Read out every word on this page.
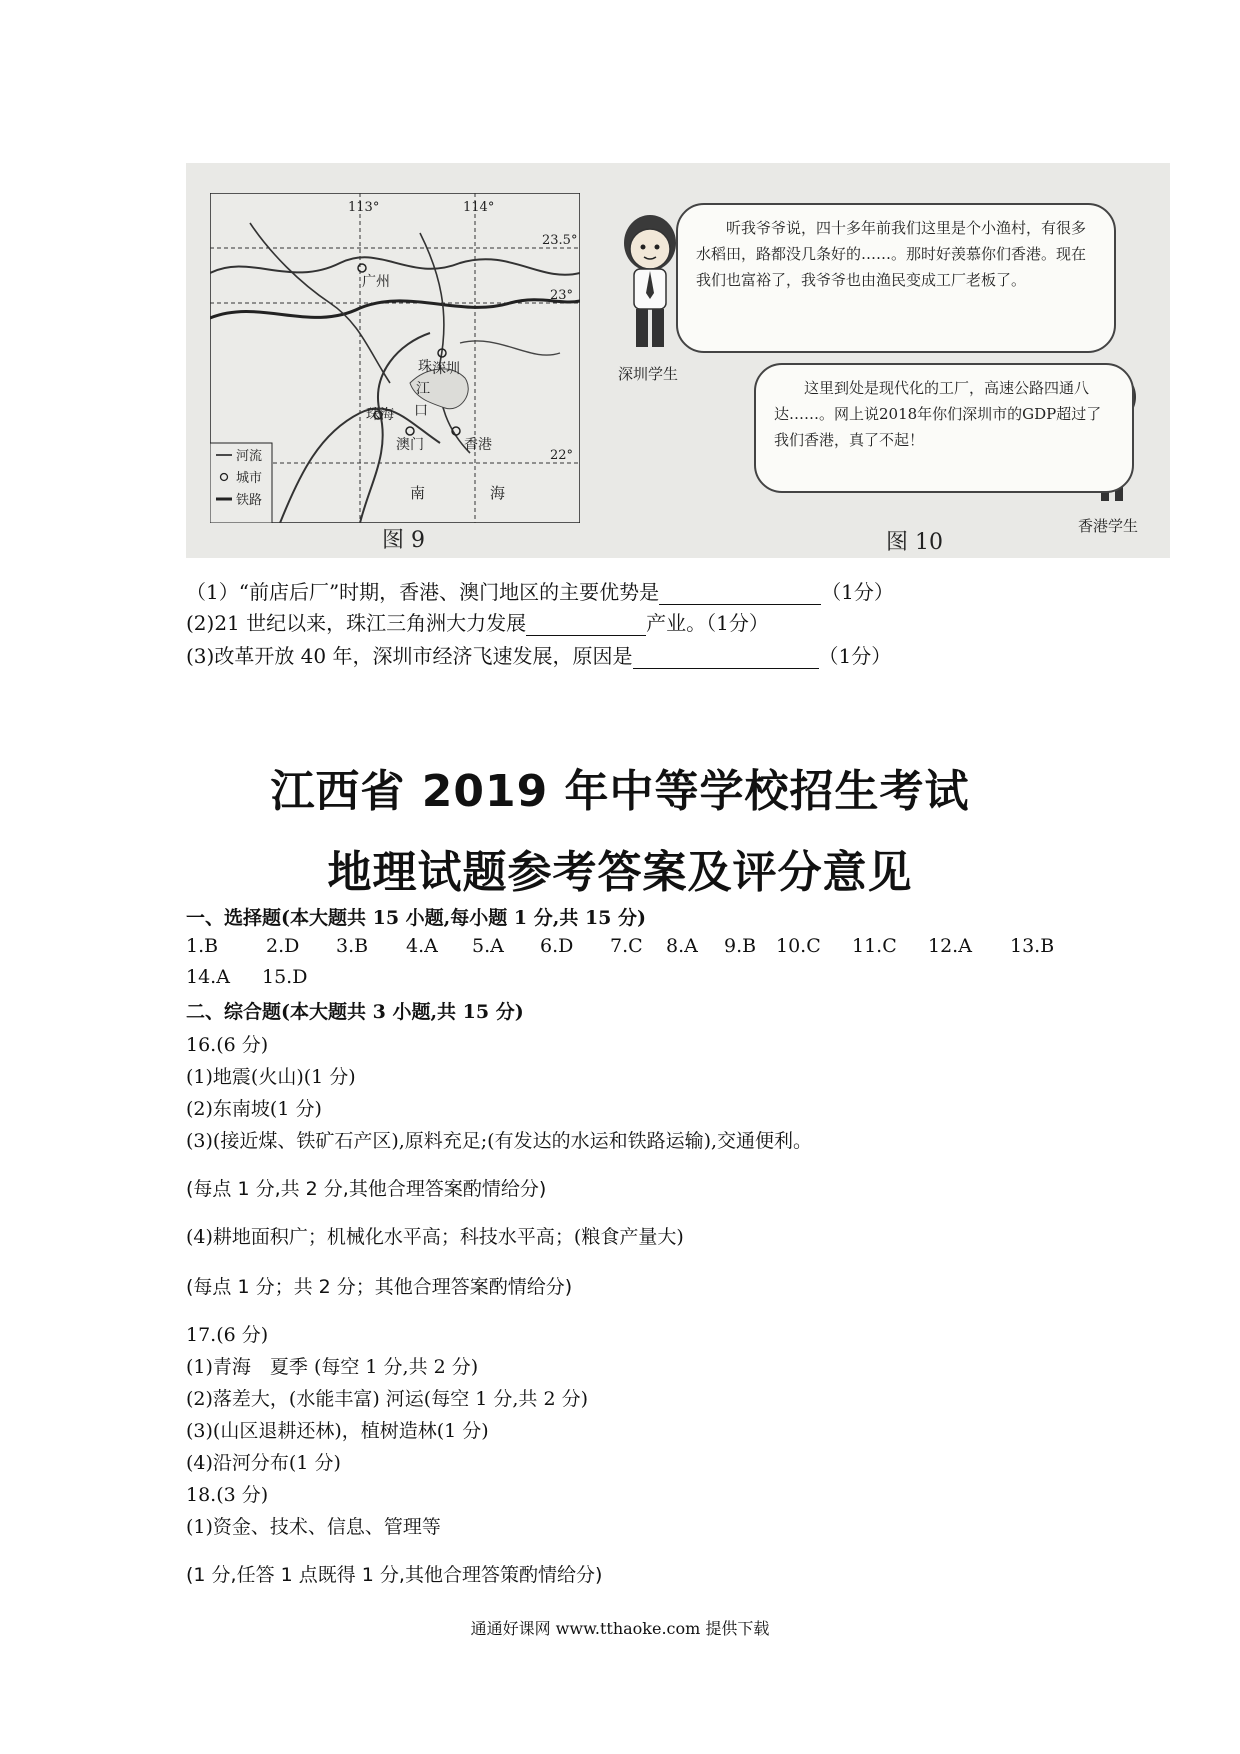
113°	114°
23.5°
23°
22°
广州
深圳
珠海
澳门	香港
珠
江
口
南	海
河流
城市
铁路
图 9
深圳学生
听我爷爷说，四十多年前我们这里是个小渔村，有很多水稻田，路都没几条好的……。那时好羡慕你们香港。现在我们也富裕了，我爷爷也由渔民变成工厂老板了。
香港学生
这里到处是现代化的工厂，高速公路四通八达……。网上说2018年你们深圳市的GDP超过了我们香港，真了不起！
图 10
（1）“前店后厂”时期，香港、澳门地区的主要优势是	（1分）
(2)21 世纪以来，珠江三角洲大力发展	产业。（1分）
(3)改革开放 40 年，深圳市经济飞速发展，原因是	（1分）
江西省 2019 年中等学校招生考试
地理试题参考答案及评分意见
一、选择题(本大题共 15 小题,每小题 1 分,共 15 分)
1.B	2.D 3.B 4.A 5.A 6.D 7.C 8.A 9.B 10.C 11.C 12.A 13.B
14.A 15.D
二、综合题(本大题共 3 小题,共 15 分)
16.(6 分)
(1)地震(火山)(1 分)
(2)东南坡(1 分)
(3)(接近煤、铁矿石产区),原料充足;(有发达的水运和铁路运输),交通便利。
(每点 1 分,共 2 分,其他合理答案酌情给分)
(4)耕地面积广；机械化水平高；科技水平高；(粮食产量大)
(每点 1 分；共 2 分；其他合理答案酌情给分)
17.(6 分)
(1)青海　夏季 (每空 1 分,共 2 分)
(2)落差大，(水能丰富) 河运(每空 1 分,共 2 分)
(3)(山区退耕还林)，植树造林(1 分)
(4)沿河分布(1 分)
18.(3 分)
(1)资金、技术、信息、管理等
(1 分,任答 1 点既得 1 分,其他合理答策酌情给分)
通通好课网 www.tthaoke.com 提供下载
